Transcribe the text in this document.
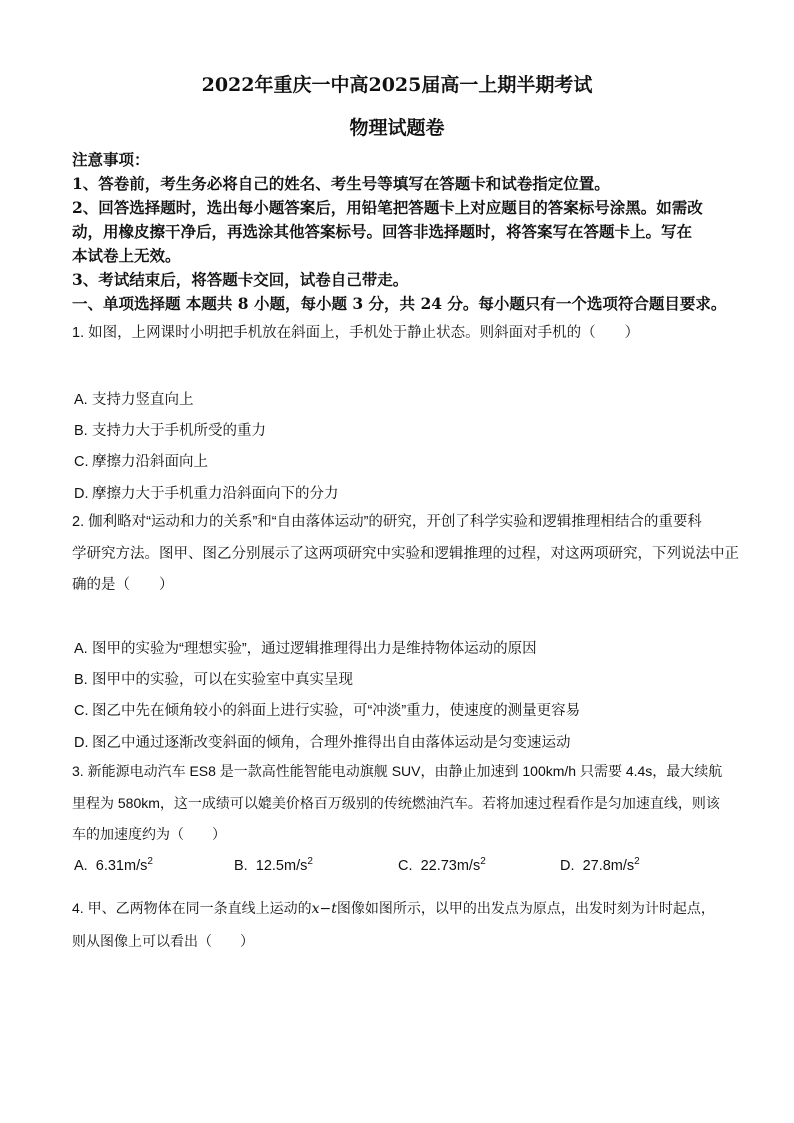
2022年重庆一中高2025届高一上期半期考试
物理试题卷
注意事项：
1、答卷前，考生务必将自己的姓名、考生号等填写在答题卡和试卷指定位置。
2、回答选择题时，选出每小题答案后，用铅笔把答题卡上对应题目的答案标号涂黑。如需改
动，用橡皮擦干净后，再选涂其他答案标号。回答非选择题时，将答案写在答题卡上。写在
本试卷上无效。
3、考试结束后，将答题卡交回，试卷自己带走。
一、单项选择题 本题共 8 小题，每小题 3 分，共 24 分。每小题只有一个选项符合题目要求。
1. 如图，上网课时小明把手机放在斜面上，手机处于静止状态。则斜面对手机的（　　）
A. 支持力竖直向上
B. 支持力大于手机所受的重力
C. 摩擦力沿斜面向上
D. 摩擦力大于手机重力沿斜面向下的分力
2. 伽利略对“运动和力的关系”和“自由落体运动”的研究，开创了科学实验和逻辑推理相结合的重要科
学研究方法。图甲、图乙分别展示了这两项研究中实验和逻辑推理的过程，对这两项研究，下列说法中正
确的是（　　）
A. 图甲的实验为“理想实验”，通过逻辑推理得出力是维持物体运动的原因
B. 图甲中的实验，可以在实验室中真实呈现
C. 图乙中先在倾角较小的斜面上进行实验，可“冲淡”重力，使速度的测量更容易
D. 图乙中通过逐渐改变斜面的倾角，合理外推得出自由落体运动是匀变速运动
3. 新能源电动汽车 ES8 是一款高性能智能电动旗舰 SUV，由静止加速到 100km/h 只需要 4.4s，最大续航
里程为 580km，这一成绩可以媲美价格百万级别的传统燃油汽车。若将加速过程看作是匀加速直线，则该
车的加速度约为（　　）
A. $6.31m/s^2$	B. $12.5m/s^2$	C. $22.73m/s^2$	D. $27.8m/s^2$
4. 甲、乙两物体在同一条直线上运动的x−t图像如图所示，以甲的出发点为原点，出发时刻为计时起点，
则从图像上可以看出（　　）
